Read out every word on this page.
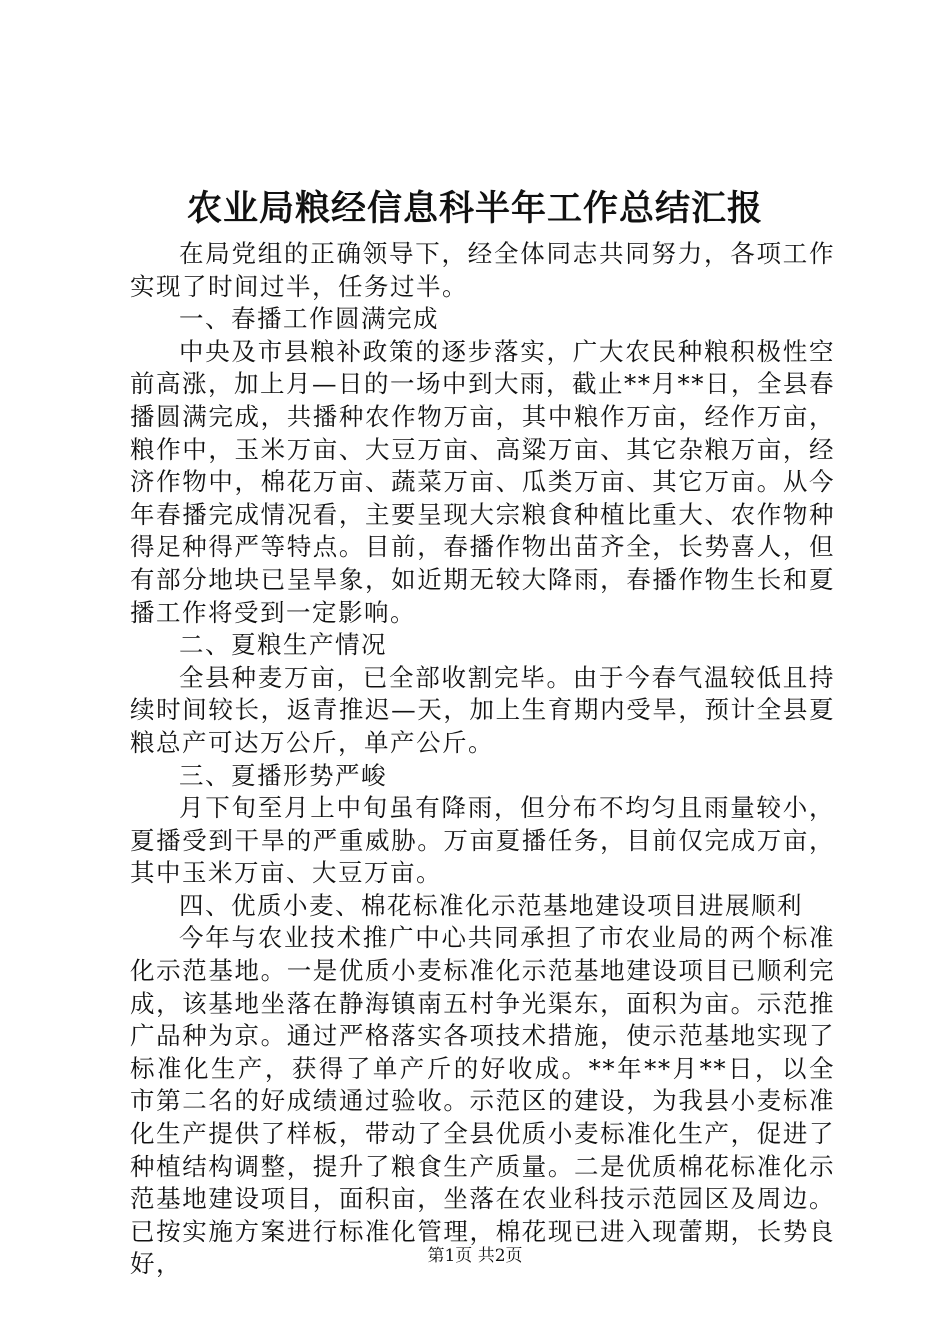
农业局粮经信息科半年工作总结汇报

在局党组的正确领导下，经全体同志共同努力，各项工作实现了时间过半，任务过半。

一、春播工作圆满完成

中央及市县粮补政策的逐步落实，广大农民种粮积极性空前高涨，加上月—日的一场中到大雨，截止**月**日，全县春播圆满完成，共播种农作物万亩，其中粮作万亩，经作万亩，粮作中，玉米万亩、大豆万亩、高粱万亩、其它杂粮万亩，经济作物中，棉花万亩、蔬菜万亩、瓜类万亩、其它万亩。从今年春播完成情况看，主要呈现大宗粮食种植比重大、农作物种得足种得严等特点。目前，春播作物出苗齐全，长势喜人，但有部分地块已呈旱象，如近期无较大降雨，春播作物生长和夏播工作将受到一定影响。

二、夏粮生产情况

全县种麦万亩，已全部收割完毕。由于今春气温较低且持续时间较长，返青推迟—天，加上生育期内受旱，预计全县夏粮总产可达万公斤，单产公斤。

三、夏播形势严峻

月下旬至月上中旬虽有降雨，但分布不均匀且雨量较小，夏播受到干旱的严重威胁。万亩夏播任务，目前仅完成万亩，其中玉米万亩、大豆万亩。

四、优质小麦、棉花标准化示范基地建设项目进展顺利

今年与农业技术推广中心共同承担了市农业局的两个标准化示范基地。一是优质小麦标准化示范基地建设项目已顺利完成，该基地坐落在静海镇南五村争光渠东，面积为亩。示范推广品种为京。通过严格落实各项技术措施，使示范基地实现了标准化生产，获得了单产斤的好收成。**年**月**日，以全市第二名的好成绩通过验收。示范区的建设，为我县小麦标准化生产提供了样板，带动了全县优质小麦标准化生产，促进了种植结构调整，提升了粮食生产质量。二是优质棉花标准化示范基地建设项目，面积亩，坐落在农业科技示范园区及周边。已按实施方案进行标准化管理，棉花现已进入现蕾期，长势良好，	第1页 共2页
